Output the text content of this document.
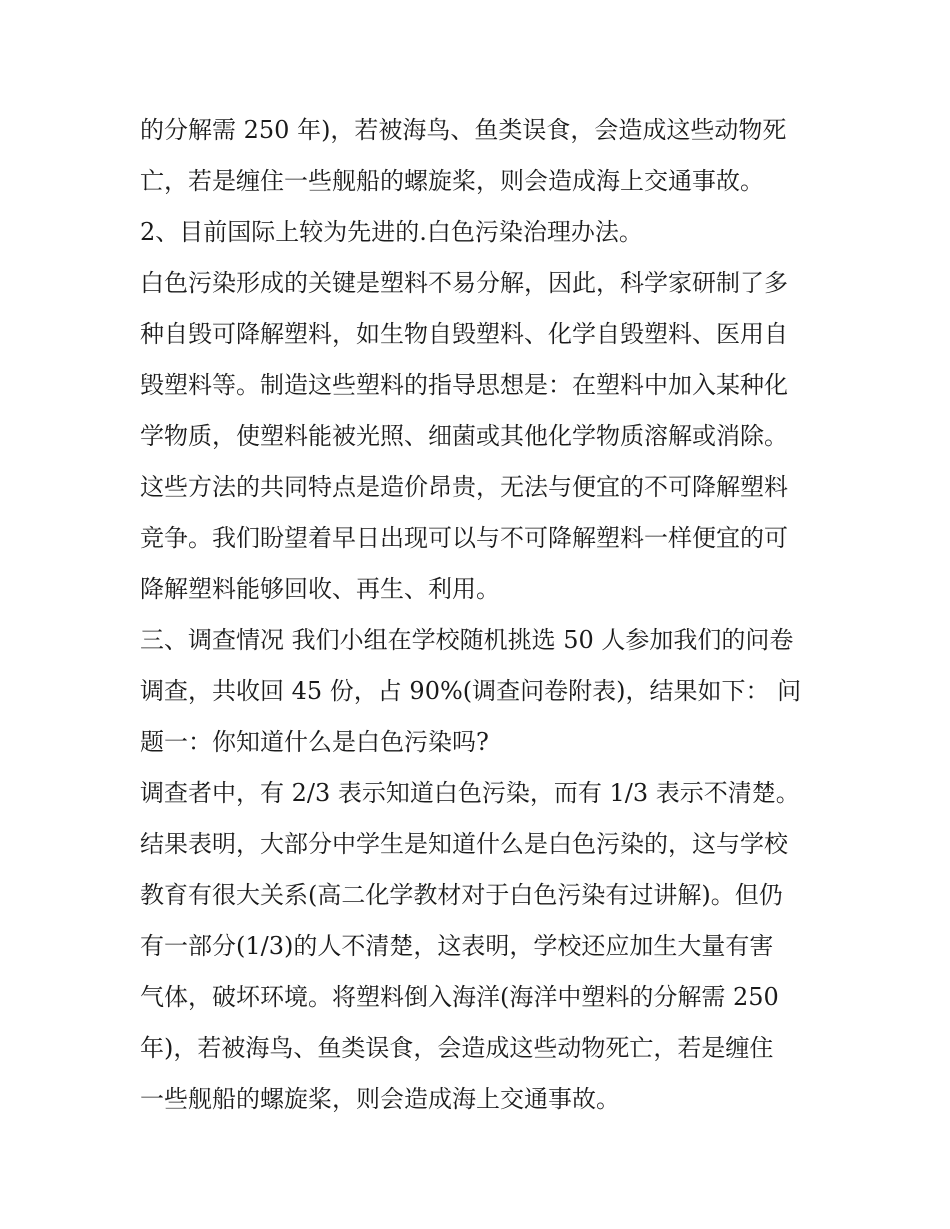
的分解需 250 年)，若被海鸟、鱼类误食，会造成这些动物死
亡，若是缠住一些舰船的螺旋桨，则会造成海上交通事故。
2、目前国际上较为先进的.白色污染治理办法。
白色污染形成的关键是塑料不易分解，因此，科学家研制了多
种自毁可降解塑料，如生物自毁塑料、化学自毁塑料、医用自
毁塑料等。制造这些塑料的指导思想是：在塑料中加入某种化
学物质，使塑料能被光照、细菌或其他化学物质溶解或消除。
这些方法的共同特点是造价昂贵，无法与便宜的不可降解塑料
竞争。我们盼望着早日出现可以与不可降解塑料一样便宜的可
降解塑料能够回收、再生、利用。
三、调查情况 我们小组在学校随机挑选 50 人参加我们的问卷
调查，共收回 45 份，占 90%(调查问卷附表)，结果如下： 问
题一：你知道什么是白色污染吗?
调查者中，有 2/3 表示知道白色污染，而有 1/3 表示不清楚。
结果表明，大部分中学生是知道什么是白色污染的，这与学校
教育有很大关系(高二化学教材对于白色污染有过讲解)。但仍
有一部分(1/3)的人不清楚，这表明，学校还应加生大量有害
气体，破坏环境。将塑料倒入海洋(海洋中塑料的分解需 250
年)，若被海鸟、鱼类误食，会造成这些动物死亡，若是缠住
一些舰船的螺旋桨，则会造成海上交通事故。
